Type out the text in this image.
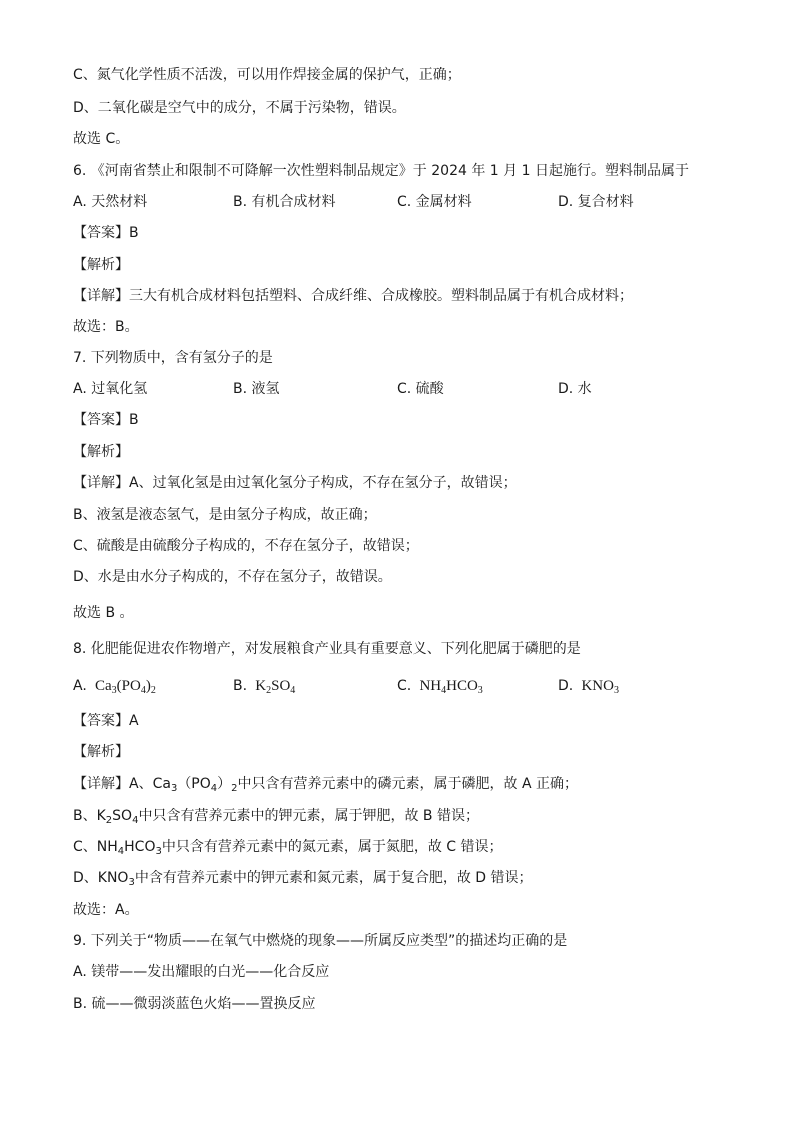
C、氮气化学性质不活泼，可以用作焊接金属的保护气，正确；
D、二氧化碳是空气中的成分，不属于污染物，错误。
故选 C。
6. 《河南省禁止和限制不可降解一次性塑料制品规定》于 2024 年 1 月 1 日起施行。塑料制品属于
A. 天然材料	B. 有机合成材料	C. 金属材料	D. 复合材料
【答案】B
【解析】
【详解】三大有机合成材料包括塑料、合成纤维、合成橡胶。塑料制品属于有机合成材料；
故选：B。
7. 下列物质中，含有氢分子的是
A. 过氧化氢	B. 液氢	C. 硫酸	D. 水
【答案】B
【解析】
【详解】A、过氧化氢是由过氧化氢分子构成，不存在氢分子，故错误；
B、液氢是液态氢气，是由氢分子构成，故正确；
C、硫酸是由硫酸分子构成的，不存在氢分子，故错误；
D、水是由水分子构成的，不存在氢分子，故错误。
故选 B 。
8. 化肥能促进农作物增产，对发展粮食产业具有重要意义、下列化肥属于磷肥的是
A. $Ca_3(PO_4)_2$	B. $K_2SO_4$	C. $NH_4HCO_3$	D. $KNO_3$
【答案】A
【解析】
【详解】A、$Ca_3(PO_4)_2$中只含有营养元素中的磷元素，属于磷肥，故 A 正确；
B、$K_2SO_4$中只含有营养元素中的钾元素，属于钾肥，故 B 错误；
C、$NH_4HCO_3$中只含有营养元素中的氮元素，属于氮肥，故 C 错误；
D、$KNO_3$中含有营养元素中的钾元素和氮元素，属于复合肥，故 D 错误；
故选：A。
9. 下列关于“物质——在氧气中燃烧的现象——所属反应类型”的描述均正确的是
A. 镁带——发出耀眼的白光——化合反应
B. 硫——微弱淡蓝色火焰——置换反应
